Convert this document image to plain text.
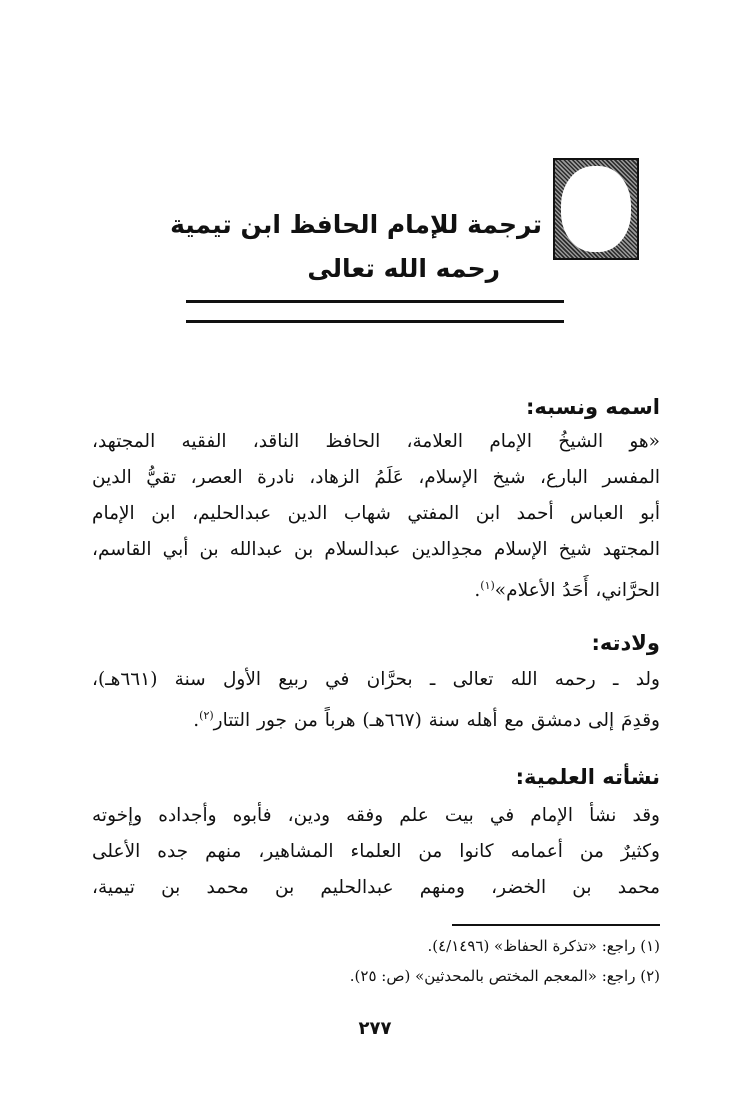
ترجمة للإمام الحافظ ابن تيمية
رحمه الله تعالى
اسمه ونسبه:
«هو الشيخُ الإمام العلامة، الحافظ الناقد، الفقيه المجتهد،
المفسر البارع، شيخ الإسلام، عَلَمُ الزهاد، نادرة العصر، تقيُّ الدين
أبو العباس أحمد ابن المفتي شهاب الدين عبدالحليم، ابن الإمام
المجتهد شيخ الإسلام مجدِالدين عبدالسلام بن عبدالله بن أبي القاسم،
الحرَّاني، أَحَدُ الأعلام»$^{(١)}$.
ولادته:
ولد ـ رحمه الله تعالى ـ بحرَّان في ربيع الأول سنة (٦٦١هـ)،
وقدِمَ إلى دمشق مع أهله سنة (٦٦٧هـ) هرباً من جور التتار$^{(٢)}$.
نشأته العلمية:
وقد نشأ الإمام في بيت علم وفقه ودين، فأبوه وأجداده وإخوته
وكثيرٌ من أعمامه كانوا من العلماء المشاهير، منهم جده الأعلى
محمد بن الخضر، ومنهم عبدالحليم بن محمد بن تيمية،
(١) راجع: «تذكرة الحفاظ» (٤/١٤٩٦).
(٢) راجع: «المعجم المختص بالمحدثين» (ص: ٢٥).
٢٧٧
